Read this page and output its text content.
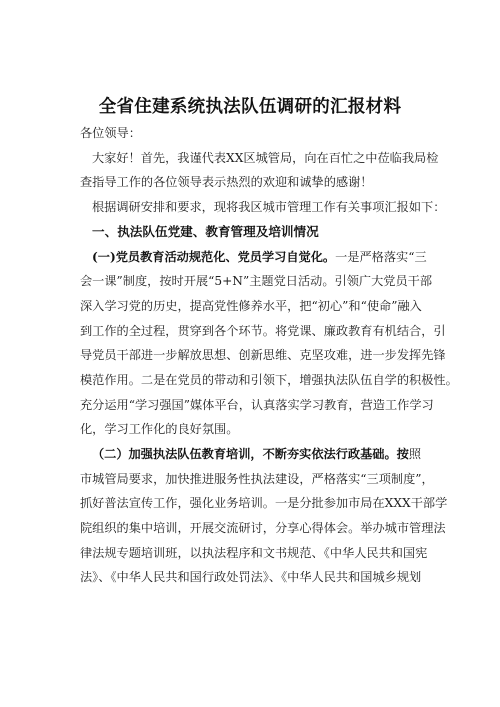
全省住建系统执法队伍调研的汇报材料
各位领导：
大家好！首先，我谨代表XX区城管局，向在百忙之中莅临我局检
查指导工作的各位领导表示热烈的欢迎和诚挚的感谢！
根据调研安排和要求，现将我区城市管理工作有关事项汇报如下：
一、执法队伍党建、教育管理及培训情况
(一)党员教育活动规范化、党员学习自觉化。一是严格落实“三
会一课”制度，按时开展“5+N”主题党日活动。引领广大党员干部
深入学习党的历史，提高党性修养水平，把“初心”和“使命”融入
到工作的全过程，贯穿到各个环节。将党课、廉政教育有机结合，引
导党员干部进一步解放思想、创新思维、克坚攻难，进一步发挥先锋
模范作用。二是在党员的带动和引领下，增强执法队伍自学的积极性。
充分运用“学习强国”媒体平台，认真落实学习教育，营造工作学习
化，学习工作化的良好氛围。
（二）加强执法队伍教育培训，不断夯实依法行政基础。按照
市城管局要求，加快推进服务性执法建设，严格落实“三项制度”，
抓好普法宣传工作，强化业务培训。一是分批参加市局在XXX干部学
院组织的集中培训，开展交流研讨，分享心得体会。举办城市管理法
律法规专题培训班，以执法程序和文书规范、《中华人民共和国宪
法》、《中华人民共和国行政处罚法》、《中华人民共和国城乡规划
